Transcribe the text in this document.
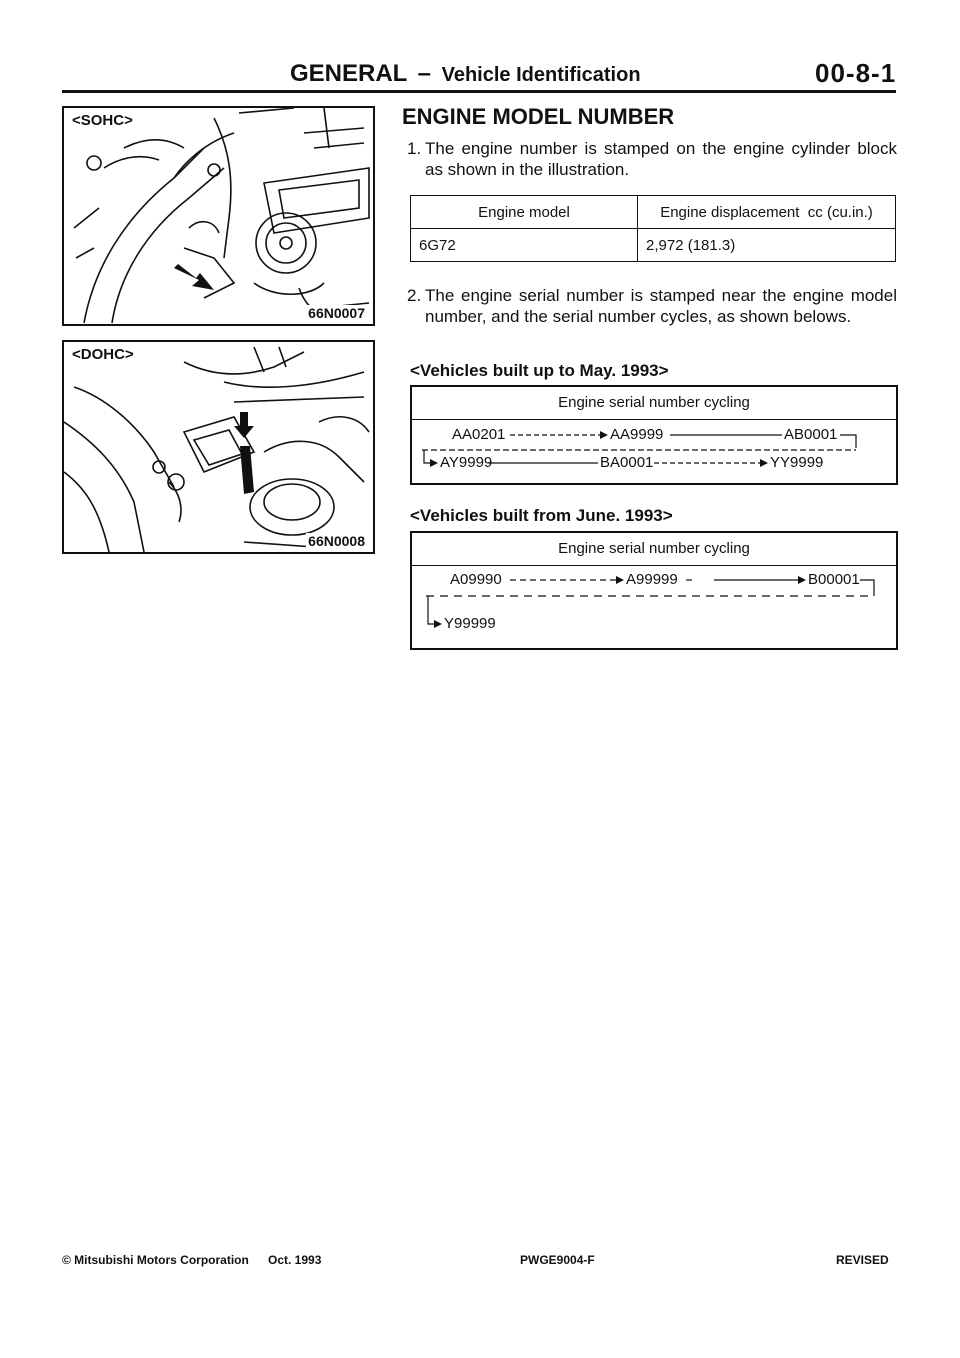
GENERAL – Vehicle Identification	00-8-1
<SOHC>
66N0007
<DOHC>
66N0008
ENGINE MODEL NUMBER
1. The engine number is stamped on the engine cylinder block as shown in the illustration.
Engine model	Engine displacement  cc (cu.in.)
6G72	2,972 (181.3)
2. The engine serial number is stamped near the engine model number, and the serial number cycles, as shown belows.
<Vehicles built up to May. 1993>
Engine serial number cycling
AA0201	AA9999	AB0001
AY9999	BA0001	YY9999
<Vehicles built from June. 1993>
Engine serial number cycling
A09990	A99999	B00001
Y99999
© Mitsubishi Motors Corporation Oct. 1993	PWGE9004-F	REVISED
